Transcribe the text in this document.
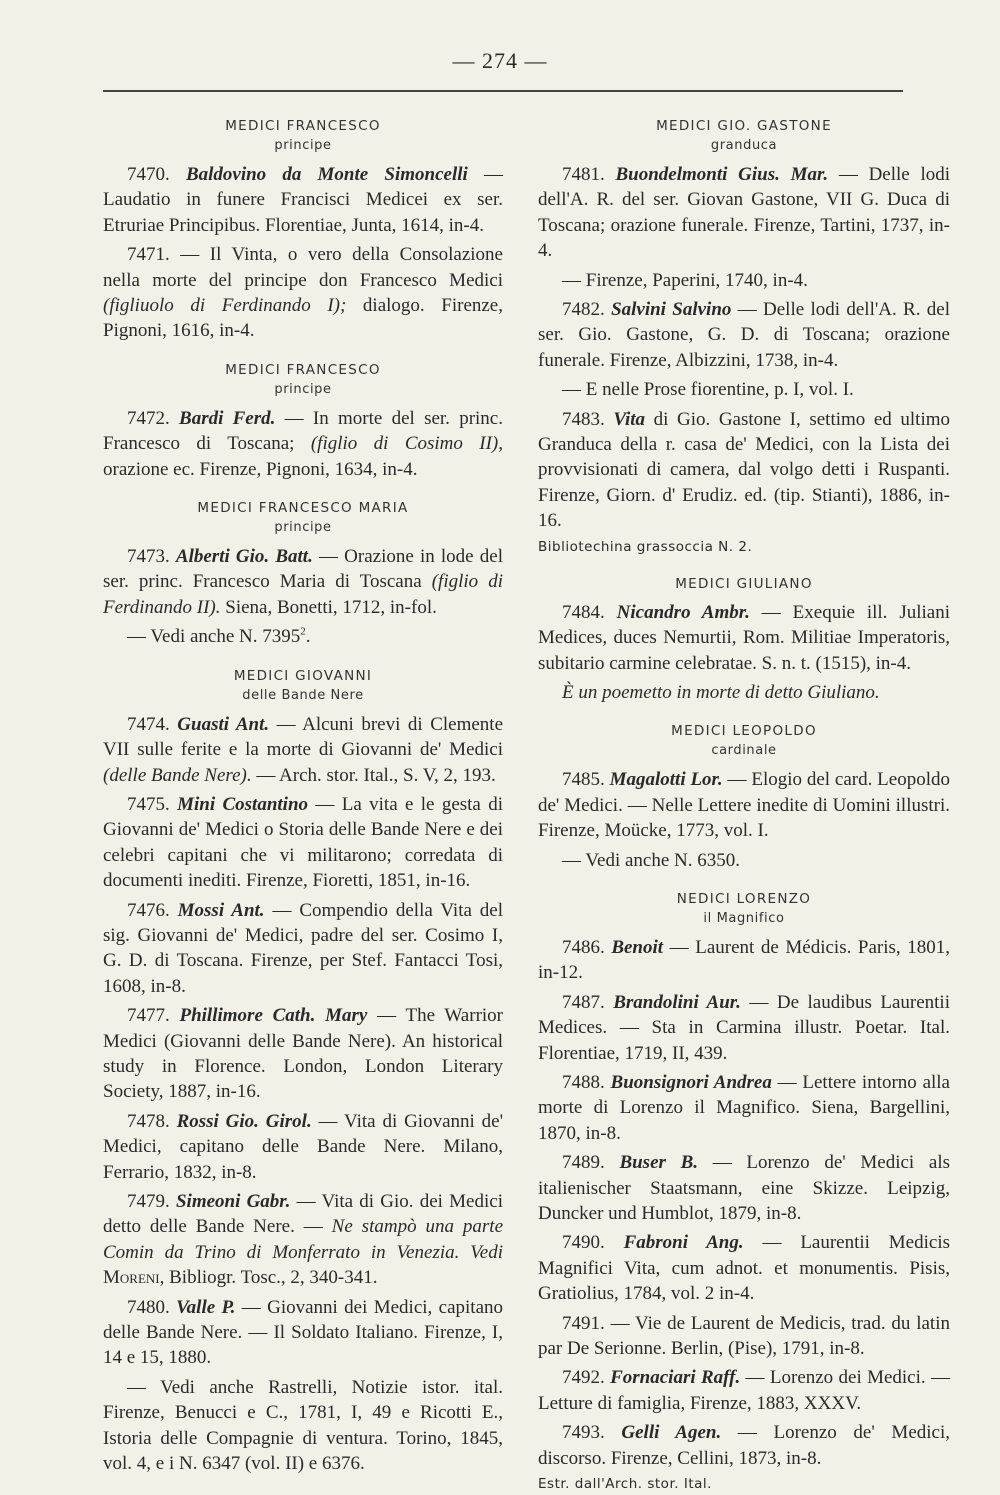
— 274 —
MEDICI FRANCESCO
principe

7470. Baldovino da Monte Simoncelli — Laudatio in funere Francisci Medicei ex ser. Etruriae Principibus. Florentiae, Junta, 1614, in-4.

7471. — Il Vinta, o vero della Consolazione nella morte del principe don Francesco Medici (figliuolo di Ferdinando I); dialogo. Firenze, Pignoni, 1616, in-4.

MEDICI FRANCESCO
principe

7472. Bardi Ferd. — In morte del ser. princ. Francesco di Toscana; (figlio di Cosimo II), orazione ec. Firenze, Pignoni, 1634, in-4.

MEDICI FRANCESCO MARIA
principe

7473. Alberti Gio. Batt. — Orazione in lode del ser. princ. Francesco Maria di Toscana (figlio di Ferdinando II). Siena, Bonetti, 1712, in-fol.

— Vedi anche N. 7395$^2$.

MEDICI GIOVANNI
delle Bande Nere

7474. Guasti Ant. — Alcuni brevi di Clemente VII sulle ferite e la morte di Giovanni de' Medici (delle Bande Nere). — Arch. stor. Ital., S. V, 2, 193.

7475. Mini Costantino — La vita e le gesta di Giovanni de' Medici o Storia delle Bande Nere e dei celebri capitani che vi militarono; corredata di documenti inediti. Firenze, Fioretti, 1851, in-16.

7476. Mossi Ant. — Compendio della Vita del sig. Giovanni de' Medici, padre del ser. Cosimo I, G. D. di Toscana. Firenze, per Stef. Fantacci Tosi, 1608, in-8.

7477. Phillimore Cath. Mary — The Warrior Medici (Giovanni delle Bande Nere). An historical study in Florence. London, London Literary Society, 1887, in-16.

7478. Rossi Gio. Girol. — Vita di Giovanni de' Medici, capitano delle Bande Nere. Milano, Ferrario, 1832, in-8.

7479. Simeoni Gabr. — Vita di Gio. dei Medici detto delle Bande Nere. — Ne stampò una parte Comin da Trino di Monferrato in Venezia. Vedi Moreni, Bibliogr. Tosc., 2, 340-341.

7480. Valle P. — Giovanni dei Medici, capitano delle Bande Nere. — Il Soldato Italiano. Firenze, I, 14 e 15, 1880.

— Vedi anche Rastrelli, Notizie istor. ital. Firenze, Benucci e C., 1781, I, 49 e Ricotti E., Istoria delle Compagnie di ventura. Torino, 1845, vol. 4, e i N. 6347 (vol. II) e 6376.

MEDICI GIO. GASTONE
granduca

7481. Buondelmonti Gius. Mar. — Delle lodi dell'A. R. del ser. Giovan Gastone, VII G. Duca di Toscana; orazione funerale. Firenze, Tartini, 1737, in-4.

— Firenze, Paperini, 1740, in-4.

7482. Salvini Salvino — Delle lodi dell'A. R. del ser. Gio. Gastone, G. D. di Toscana; orazione funerale. Firenze, Albizzini, 1738, in-4.

— E nelle Prose fiorentine, p. I, vol. I.

7483. Vita di Gio. Gastone I, settimo ed ultimo Granduca della r. casa de' Medici, con la Lista dei provvisionati di camera, dal volgo detti i Ruspanti. Firenze, Giorn. d' Erudiz. ed. (tip. Stianti), 1886, in-16.

Bibliotechina grassoccia N. 2.

MEDICI GIULIANO

7484. Nicandro Ambr. — Exequie ill. Juliani Medices, duces Nemurtii, Rom. Militiae Imperatoris, subitario carmine celebratae. S. n. t. (1515), in-4.

È un poemetto in morte di detto Giuliano.

MEDICI LEOPOLDO
cardinale

7485. Magalotti Lor. — Elogio del card. Leopoldo de' Medici. — Nelle Lettere inedite di Uomini illustri. Firenze, Moücke, 1773, vol. I.

— Vedi anche N. 6350.

NEDICI LORENZO
il Magnifico

7486. Benoit — Laurent de Médicis. Paris, 1801, in-12.

7487. Brandolini Aur. — De laudibus Laurentii Medices. — Sta in Carmina illustr. Poetar. Ital. Florentiae, 1719, II, 439.

7488. Buonsignori Andrea — Lettere intorno alla morte di Lorenzo il Magnifico. Siena, Bargellini, 1870, in-8.

7489. Buser B. — Lorenzo de' Medici als italienischer Staatsmann, eine Skizze. Leipzig, Duncker und Humblot, 1879, in-8.

7490. Fabroni Ang. — Laurentii Medicis Magnifici Vita, cum adnot. et monumentis. Pisis, Gratiolius, 1784, vol. 2 in-4.

7491. — Vie de Laurent de Medicis, trad. du latin par De Serionne. Berlin, (Pise), 1791, in-8.

7492. Fornaciari Raff. — Lorenzo dei Medici. — Letture di famiglia, Firenze, 1883, XXXV.

7493. Gelli Agen. — Lorenzo de' Medici, discorso. Firenze, Cellini, 1873, in-8.

Estr. dall'Arch. stor. Ital.
